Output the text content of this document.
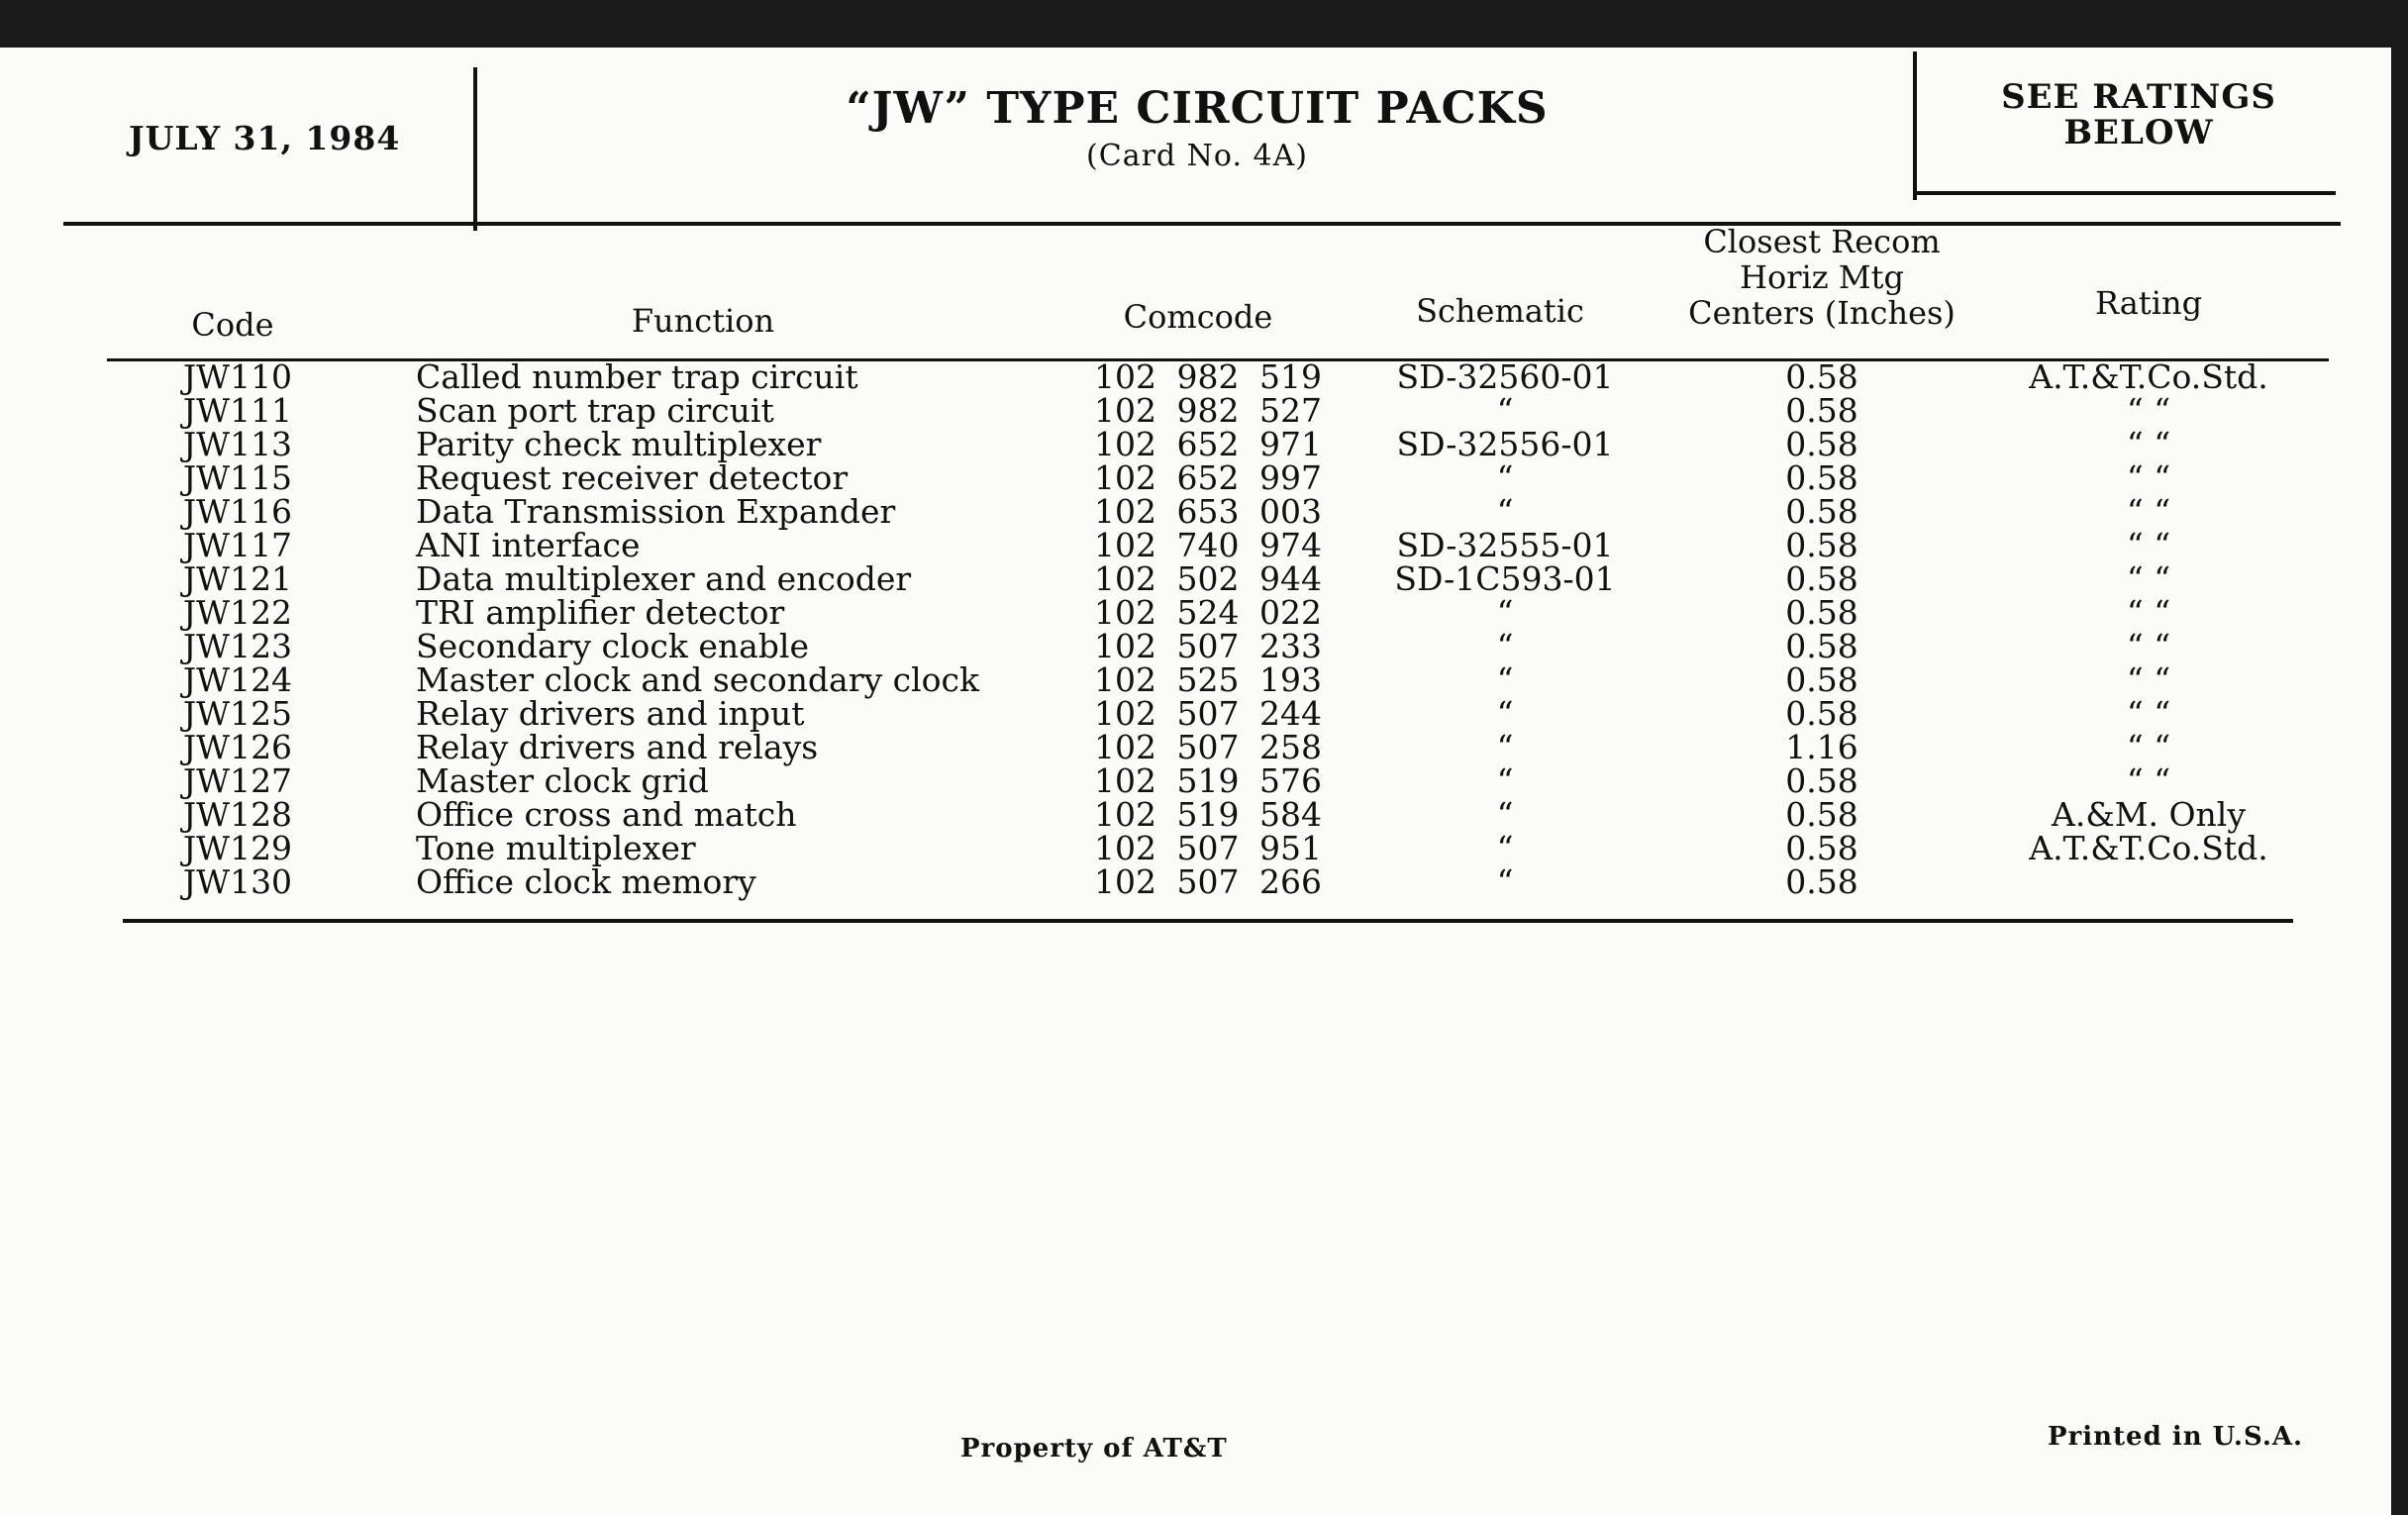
JULY 31, 1984
“JW” TYPE CIRCUIT PACKS
(Card No. 4A)
SEE RATINGS
BELOW
Code	Function	Comcode	Schematic
Closest Recom
Horiz Mtg
Centers (Inches)	Rating
JW110	Called number trap circuit	102 982 519	SD-32560-01	0.58	A.T.&T.Co.Std.
JW111	Scan port trap circuit	102 982 527	“	0.58	“ “
JW113	Parity check multiplexer	102 652 971	SD-32556-01	0.58	“ “
JW115	Request receiver detector	102 652 997	“	0.58	“ “
JW116	Data Transmission Expander	102 653 003	“	0.58	“ “
JW117	ANI interface	102 740 974	SD-32555-01	0.58	“ “
JW121	Data multiplexer and encoder	102 502 944	SD-1C593-01	0.58	“ “
JW122	TRI amplifier detector	102 524 022	“	0.58	“ “
JW123	Secondary clock enable	102 507 233	“	0.58	“ “
JW124	Master clock and secondary clock	102 525 193	“	0.58	“ “
JW125	Relay drivers and input	102 507 244	“	0.58	“ “
JW126	Relay drivers and relays	102 507 258	“	1.16	“ “
JW127	Master clock grid	102 519 576	“	0.58	“ “
JW128	Office cross and match	102 519 584	“	0.58	A.&M. Only
JW129	Tone multiplexer	102 507 951	“	0.58	A.T.&T.Co.Std.
JW130	Office clock memory	102 507 266	“	0.58
Property of AT&T	Printed in U.S.A.
